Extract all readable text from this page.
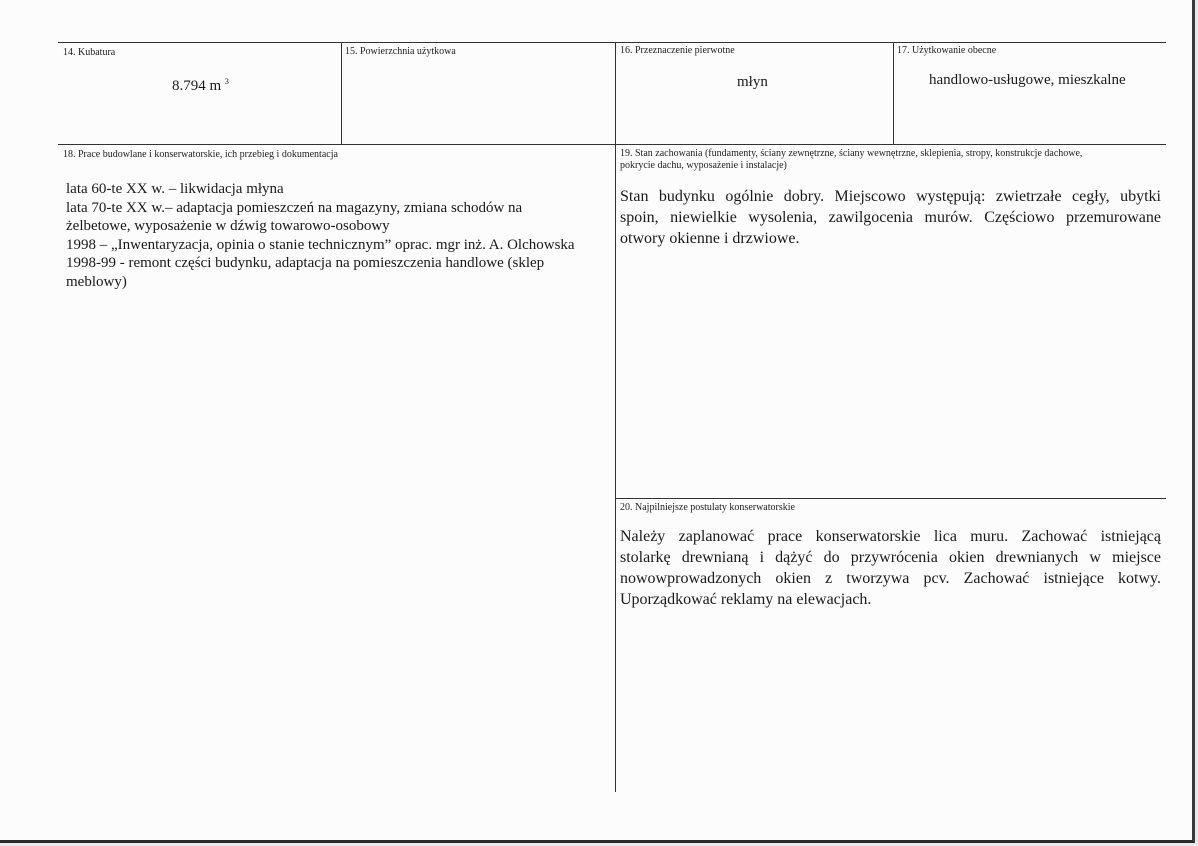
14. Kubatura
8.794 m $^3$
15. Powierzchnia użytkowa	16. Przeznaczenie pierwotne
młyn
17. Użytkowanie obecne
handlowo-usługowe, mieszkalne
18. Prace budowlane i konserwatorskie, ich przebieg i dokumentacja
lata 60-te XX w. – likwidacja młyna
lata 70-te XX w.– adaptacja pomieszczeń na magazyny, zmiana schodów na
żelbetowe, wyposażenie w dźwig towarowo-osobowy
1998 – „Inwentaryzacja, opinia o stanie technicznym” oprac. mgr inż. A. Olchowska
1998-99 - remont części budynku, adaptacja na pomieszczenia handlowe (sklep
meblowy)
19. Stan zachowania (fundamenty, ściany zewnętrzne, ściany wewnętrzne, sklepienia, stropy, konstrukcje dachowe,
pokrycie dachu, wyposażenie i instalacje)
Stan budynku ogólnie dobry. Miejscowo występują: zwietrzałe cegły, ubytki
spoin, niewielkie wysolenia, zawilgocenia murów. Częściowo przemurowane
otwory okienne i drzwiowe.
20. Najpilniejsze postulaty konserwatorskie
Należy zaplanować prace konserwatorskie lica muru. Zachować istniejącą
stolarkę drewnianą i dążyć do przywrócenia okien drewnianych w miejsce
nowowprowadzonych okien z tworzywa pcv. Zachować istniejące kotwy.
Uporządkować reklamy na elewacjach.
